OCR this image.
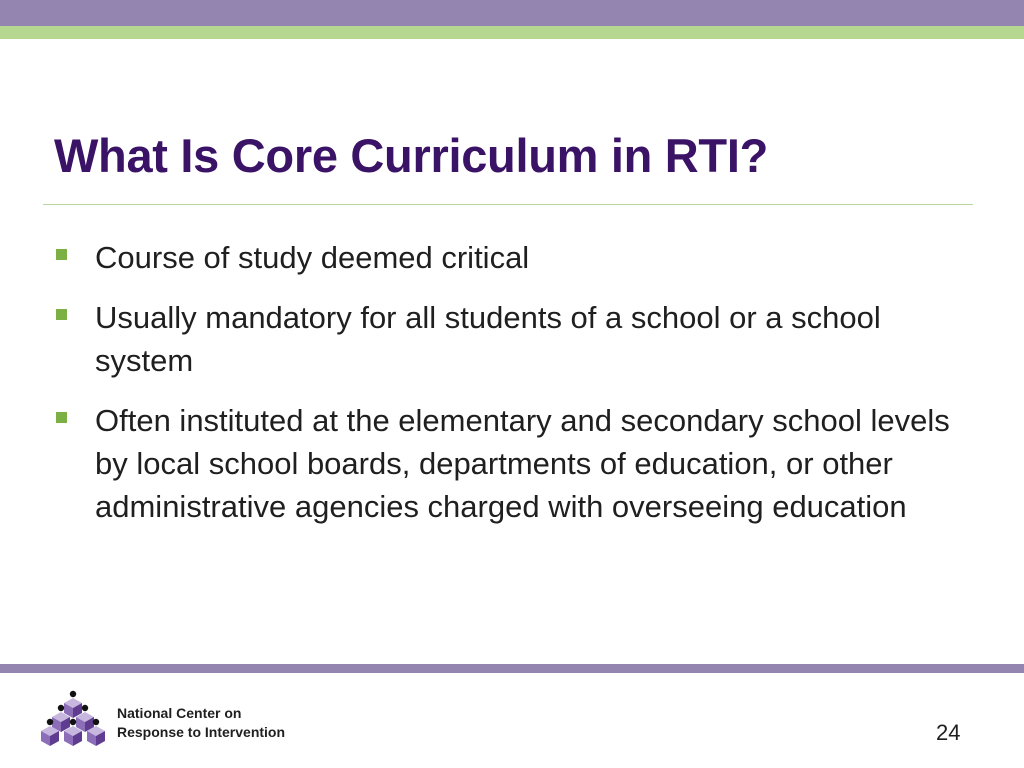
What Is Core Curriculum in RTI?
Course of study deemed critical
Usually mandatory for all students of a school or a school system
Often instituted at the elementary and secondary school levels by local school boards, departments of education, or other administrative agencies charged with overseeing education
National Center on
Response to Intervention	24
